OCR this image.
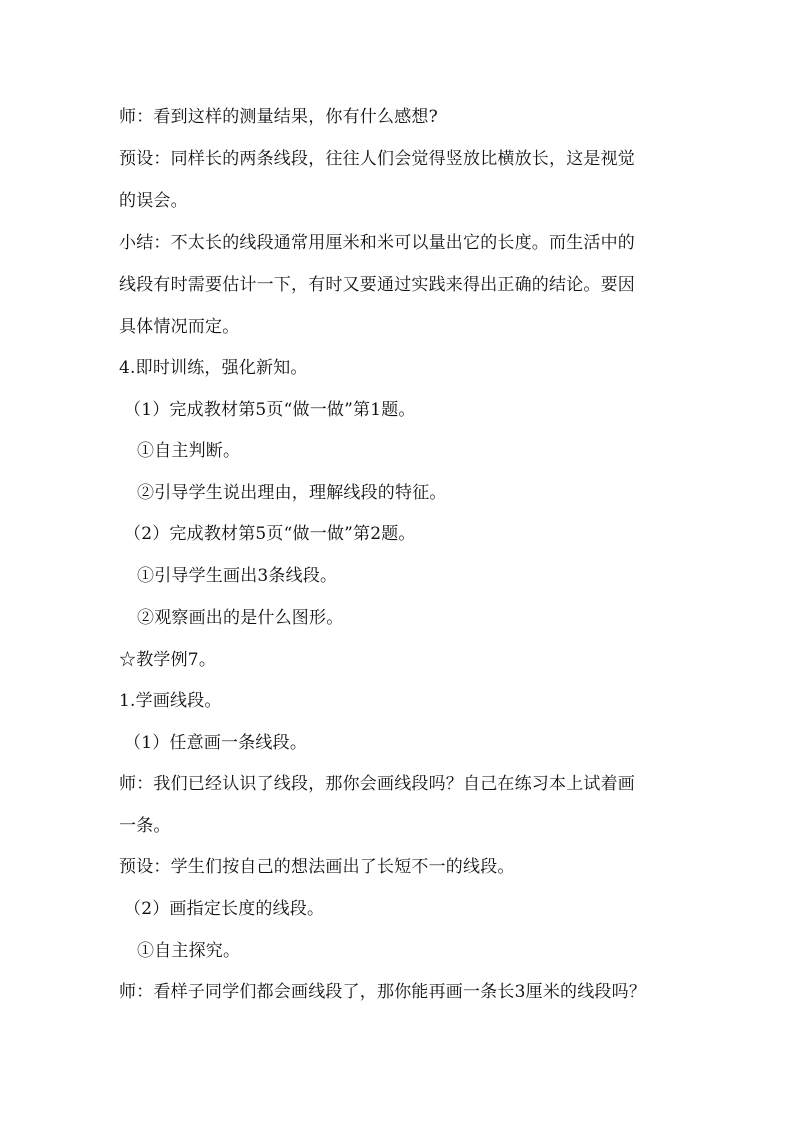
师：看到这样的测量结果，你有什么感想?
预设：同样长的两条线段，往往人们会觉得竖放比横放长，这是视觉
的误会。
小结：不太长的线段通常用厘米和米可以量出它的长度。而生活中的
线段有时需要估计一下，有时又要通过实践来得出正确的结论。要因
具体情况而定。
4.即时训练，强化新知。
（1）完成教材第5页“做一做”第1题。
①自主判断。
②引导学生说出理由，理解线段的特征。
（2）完成教材第5页“做一做”第2题。
①引导学生画出3条线段。
②观察画出的是什么图形。
☆教学例7。
1.学画线段。
（1）任意画一条线段。
师：我们已经认识了线段，那你会画线段吗？自己在练习本上试着画
一条。
预设：学生们按自己的想法画出了长短不一的线段。
（2）画指定长度的线段。
①自主探究。
师：看样子同学们都会画线段了，那你能再画一条长3厘米的线段吗？
